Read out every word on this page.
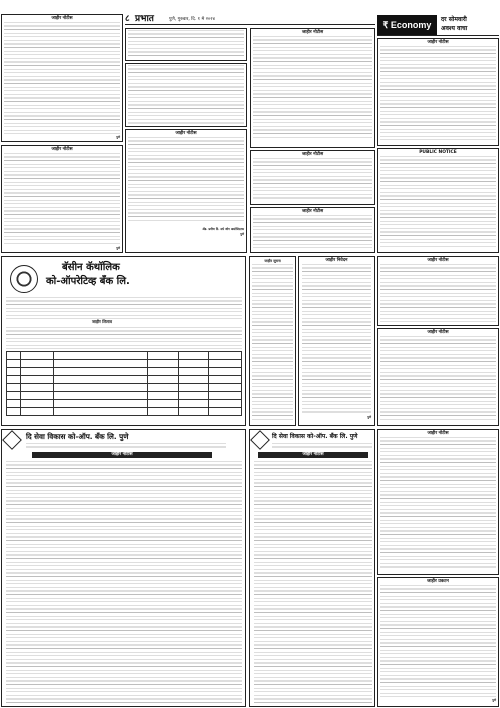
जाहीर नोटीस
पुणे
जाहीर नोटीस
पुणे
८ प्रभात	पुणे, गुरुवार, दि. १ मे २०२४
जाहीर नोटीस
ॲड. प्रवीण दि. सपे जोग असोसिएटस
पुणे
जाहीर नोटीस
जाहीर नोटीस
जाहीर नोटीस
₹ Economy
दर सोमवारी
अवश्य वाचा
जाहीर नोटीस
PUBLIC NOTICE
बॅसीन कॅथॉलिक
को-ऑपरेटिव्ह बँक लि.
जाहीर लिलाव

जाहीर सूचना	जाहीर निवेदन
पुणे
जाहीर नोटीस
जाहीर नोटीस
दि सेवा विकास को-ऑप. बँक लि. पुणे
जाहीर नोटीस
दि सेवा विकास को-ऑप. बँक लि. पुणे
जाहीर नोटीस
जाहीर नोटीस
जाहीर प्रकटन
पुणे
